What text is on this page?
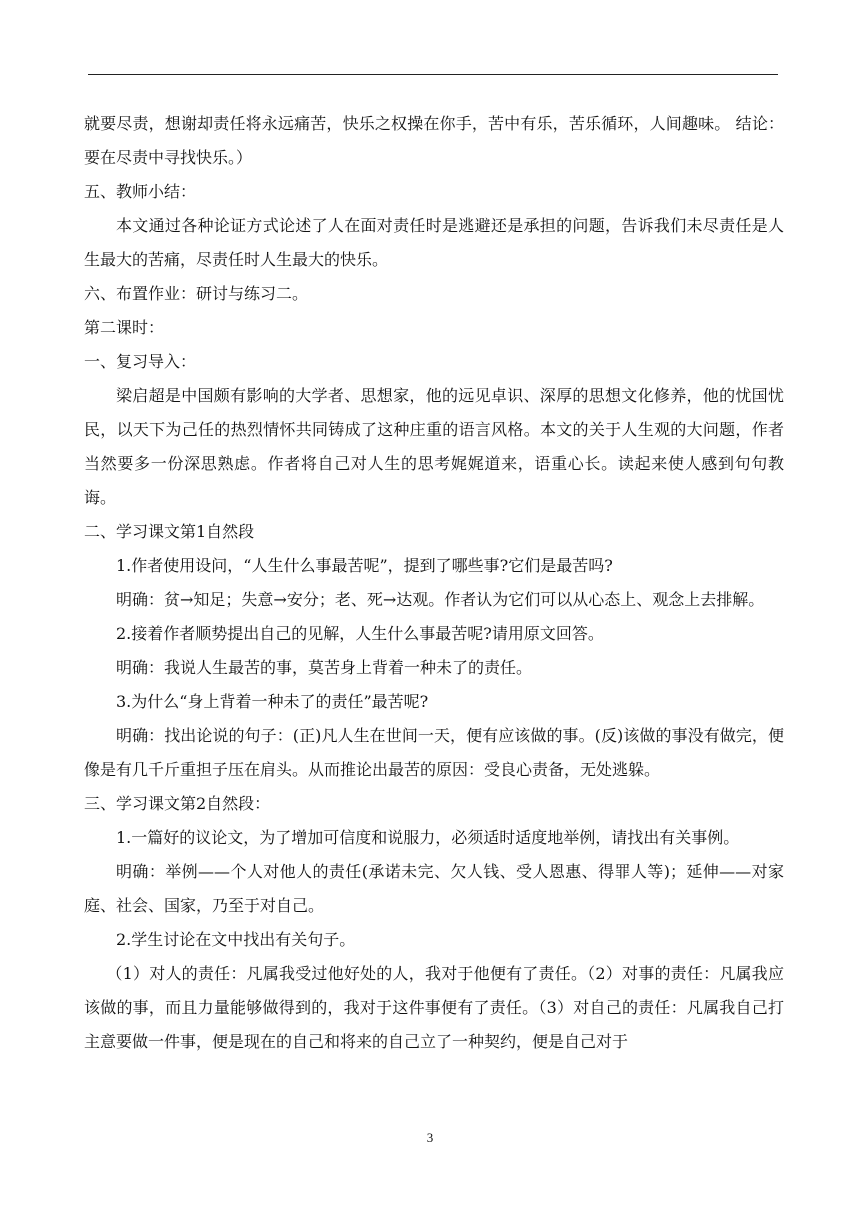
就要尽责，想谢却责任将永远痛苦，快乐之权操在你手，苦中有乐，苦乐循环，人间趣味。 结论：要在尽责中寻找快乐。）

五、教师小结：

本文通过各种论证方式论述了人在面对责任时是逃避还是承担的问题，告诉我们未尽责任是人生最大的苦痛，尽责任时人生最大的快乐。

六、布置作业：研讨与练习二。

第二课时：

一、复习导入：

梁启超是中国颇有影响的大学者、思想家，他的远见卓识、深厚的思想文化修养，他的忧国忧民，以天下为己任的热烈情怀共同铸成了这种庄重的语言风格。本文的关于人生观的大问题，作者当然要多一份深思熟虑。作者将自己对人生的思考娓娓道来，语重心长。读起来使人感到句句教诲。

二、学习课文第1自然段

1.作者使用设问，“人生什么事最苦呢”，提到了哪些事?它们是最苦吗?

明确：贫→知足；失意→安分；老、死→达观。作者认为它们可以从心态上、观念上去排解。

2.接着作者顺势提出自己的见解，人生什么事最苦呢?请用原文回答。

明确：我说人生最苦的事，莫苦身上背着一种未了的责任。

3.为什么“身上背着一种未了的责任”最苦呢?

明确：找出论说的句子：(正)凡人生在世间一天，便有应该做的事。(反)该做的事没有做完，便像是有几千斤重担子压在肩头。从而推论出最苦的原因：受良心责备，无处逃躲。

三、学习课文第2自然段：

1.一篇好的议论文，为了增加可信度和说服力，必须适时适度地举例，请找出有关事例。

明确：举例——个人对他人的责任(承诺未完、欠人钱、受人恩惠、得罪人等)；延伸——对家庭、社会、国家，乃至于对自己。

2.学生讨论在文中找出有关句子。

（1）对人的责任：凡属我受过他好处的人，我对于他便有了责任。（2）对事的责任：凡属我应该做的事，而且力量能够做得到的，我对于这件事便有了责任。（3）对自己的责任：凡属我自己打主意要做一件事，便是现在的自己和将来的自己立了一种契约，便是自己对于

3
